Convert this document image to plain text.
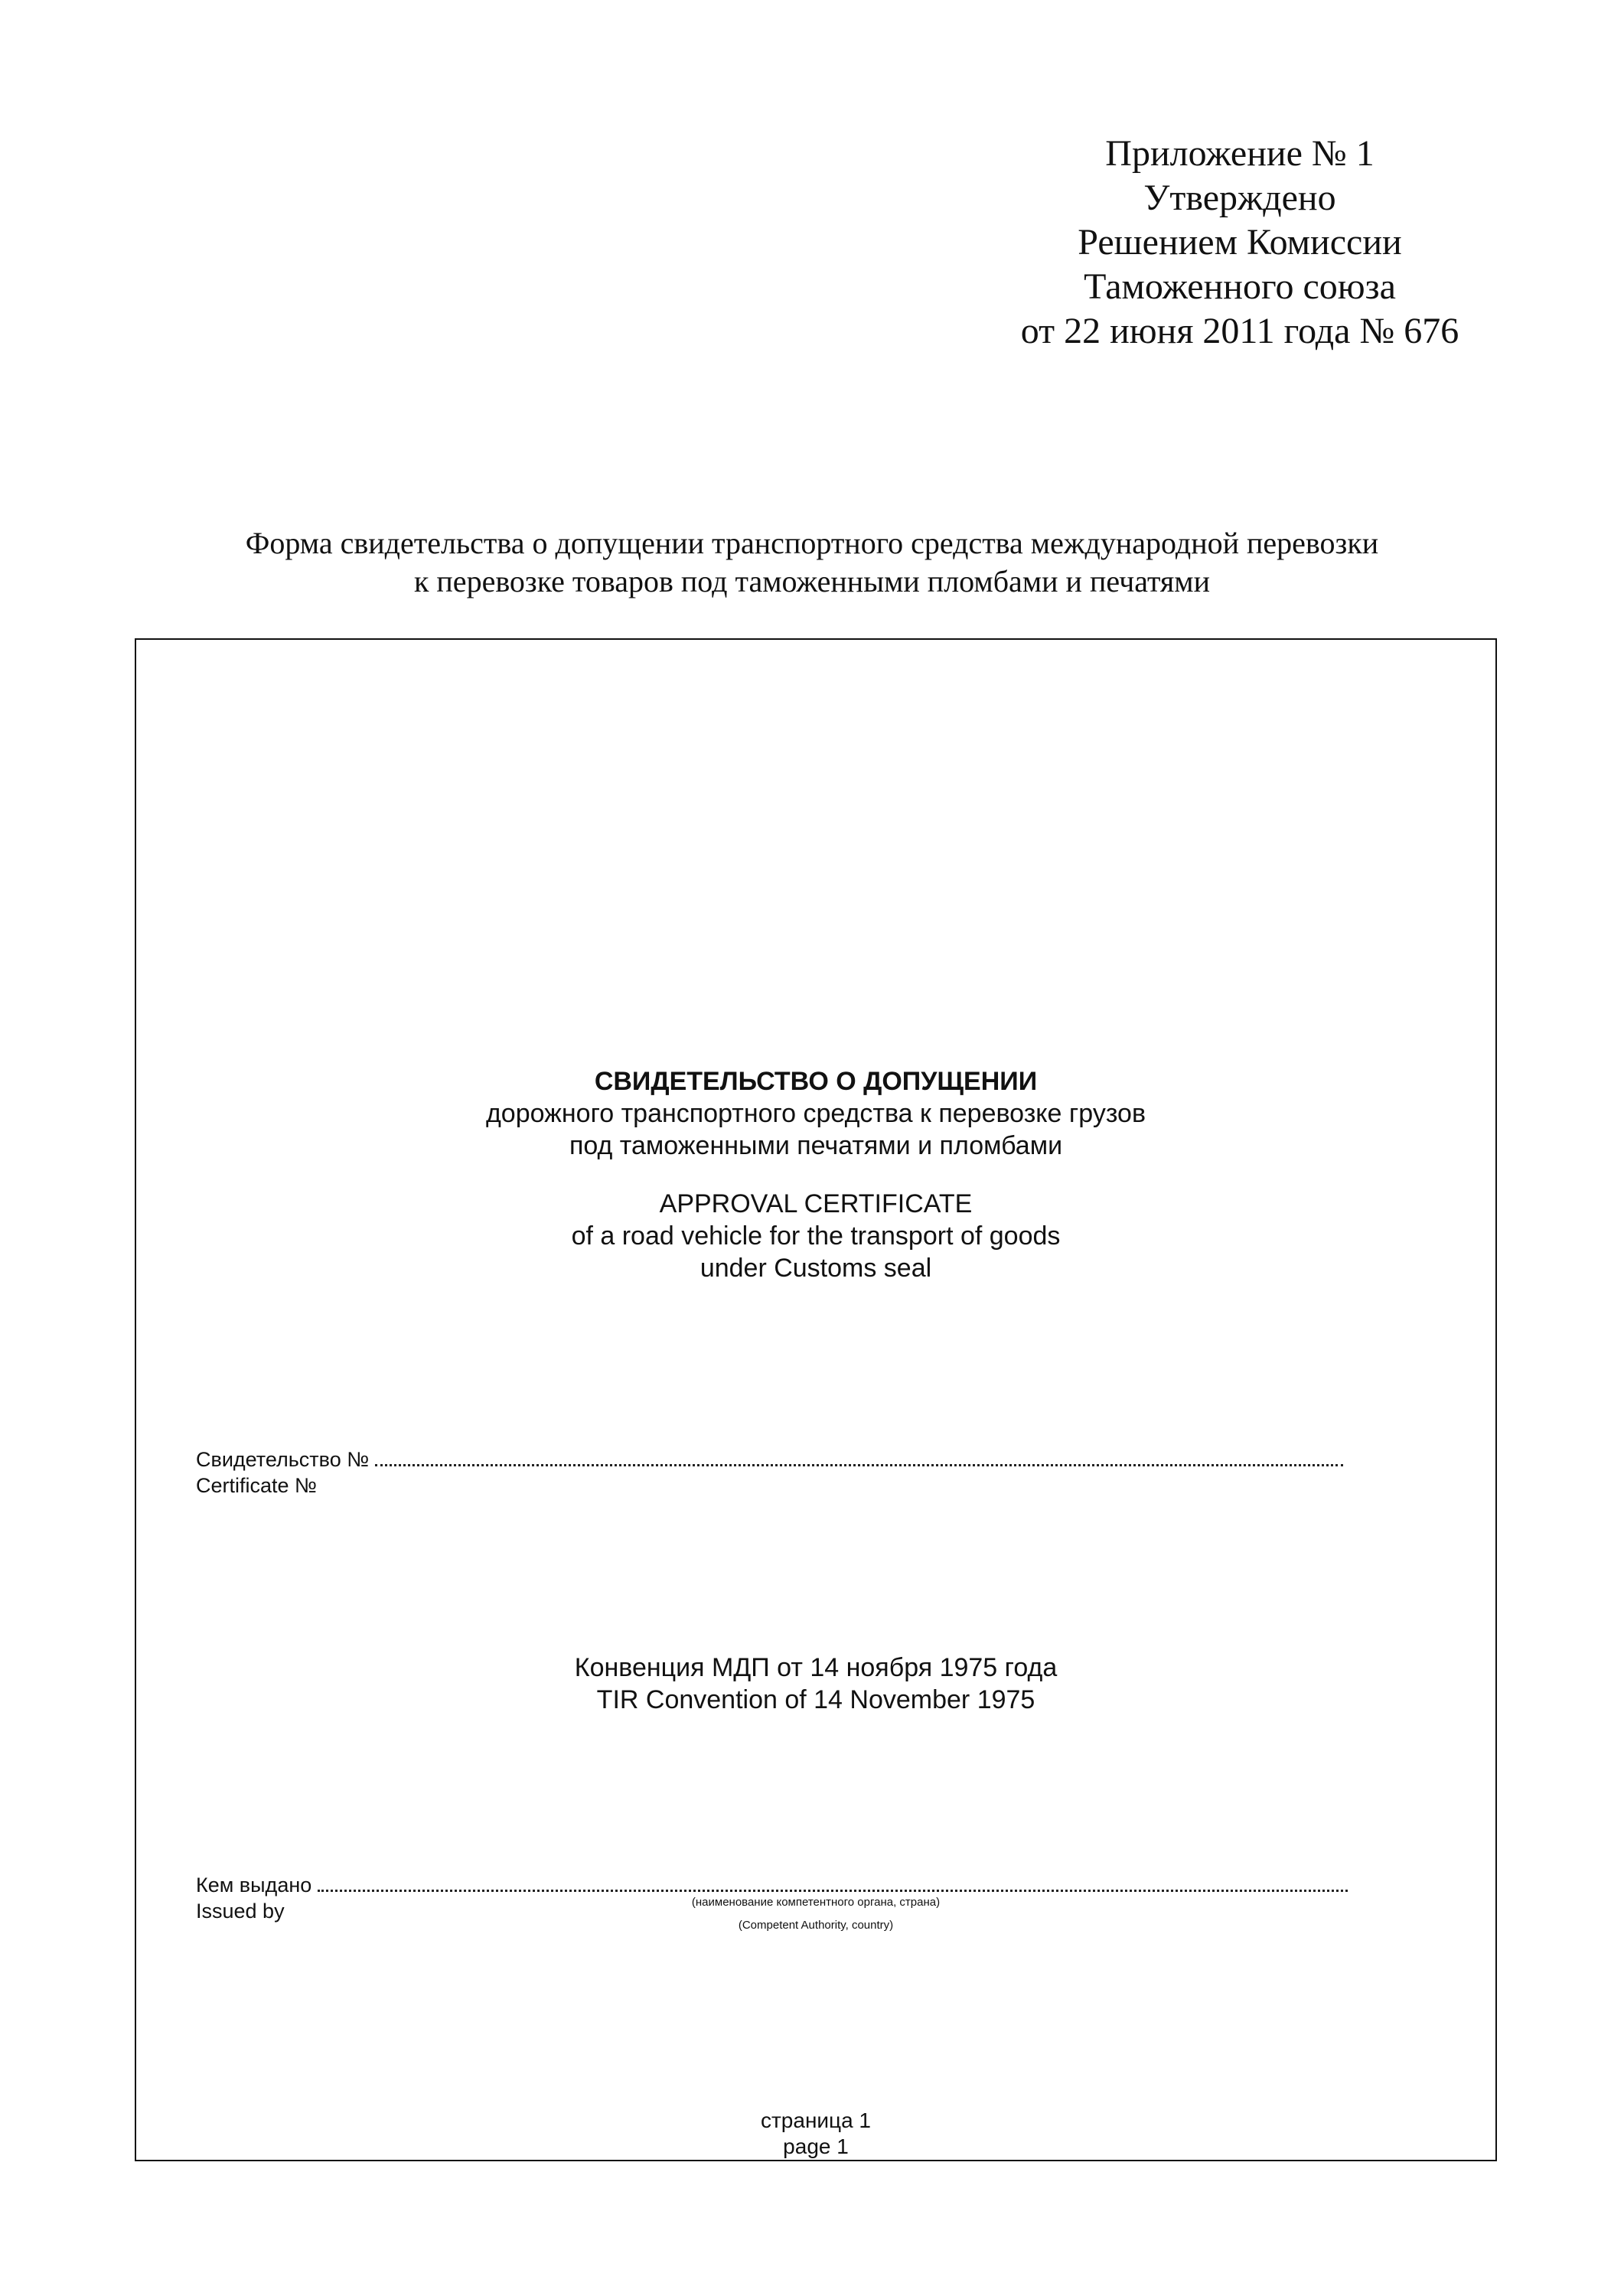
Приложение № 1
Утверждено
Решением Комиссии
Таможенного союза
от 22 июня 2011 года № 676
Форма свидетельства о допущении транспортного средства международной перевозки
к перевозке товаров под таможенными пломбами и печатями
СВИДЕТЕЛЬСТВО О ДОПУЩЕНИИ
дорожного транспортного средства к перевозке грузов
под таможенными печатями и пломбами
APPROVAL CERTIFICATE
of a road vehicle for the transport of goods
under Customs seal
Свидетельство №
Certificate №
Конвенция МДП от 14 ноября 1975 года
TIR Convention of 14 November 1975
Кем выдано
Issued by	(наименование компетентного органа, страна)
(Competent Authority, country)
страница 1
page 1
